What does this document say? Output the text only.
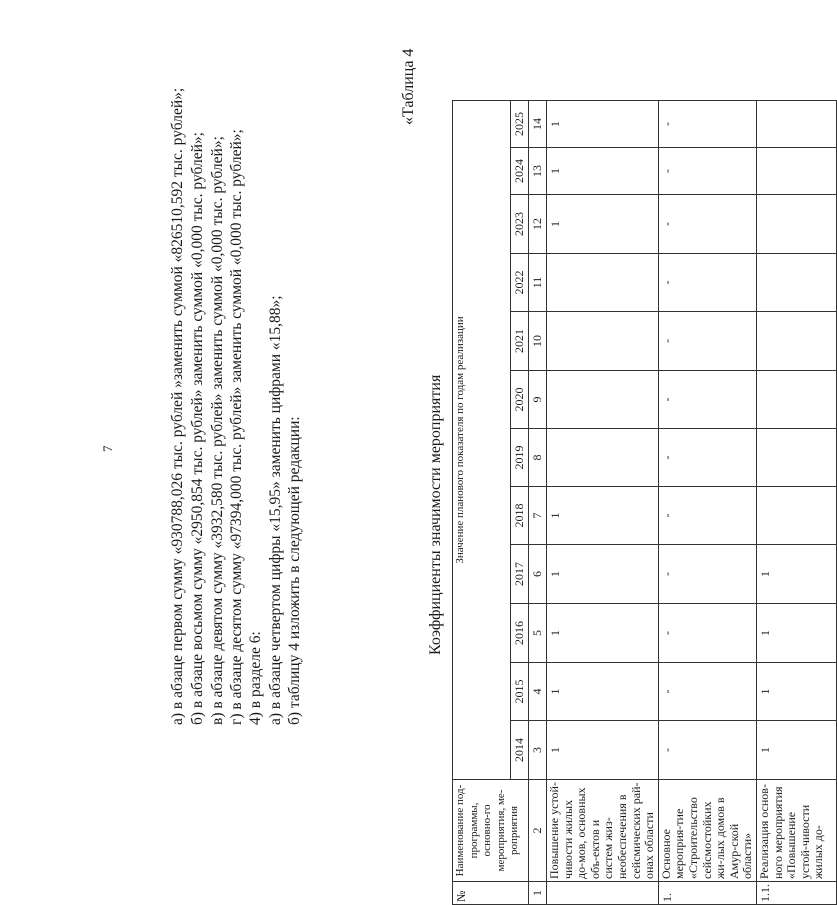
7	а) в абзаце первом сумму «930788,026 тыс. рублей »заменить суммой «826510,592 тыс. рублей»; б) в абзаце восьмом сумму «2950,854 тыс. рублей» заменить суммой «0,000 тыс. рублей»; в) в абзаце девятом сумму «3932,580 тыс. рублей» заменить суммой «0,000 тыс. рублей»; г) в абзаце десятом сумму «97394,000 тыс. рублей» заменить суммой «0,000 тыс. рублей»; 4) в разделе 6: а) в абзаце четвертом цифры «15,95» заменить цифрами «15,88»; б) таблицу 4 изложить в следующей редакции:
«Таблица 4
Коэффициенты значимости мероприятия
№	Наименование под-программы, основно-го мероприятия, ме-роприятия	Значение планового показателя по годам реализации											
		2014	2015	2016	2017	2018	2019	2020	2021	2022	2023	2024	2025
1	2	3	4	5	6	7	8	9	10	11	12	13	14
	Повышение устой-чивости жилых до-мов, основных объ-ектов и систем жиз-необеспечения в сейсмических рай-онах области	1	1	1	1	1					1	1	1
1.	Основное мероприя-тие «Строительство сейсмостойких жи-лых домов в Амур-ской области»	-	-	-	-	-	-	-	-	-	-	-	-
1.1.	Реализация основ-ного мероприятия «Повышение устой-чивости жилых до-	1	1	1	1								
